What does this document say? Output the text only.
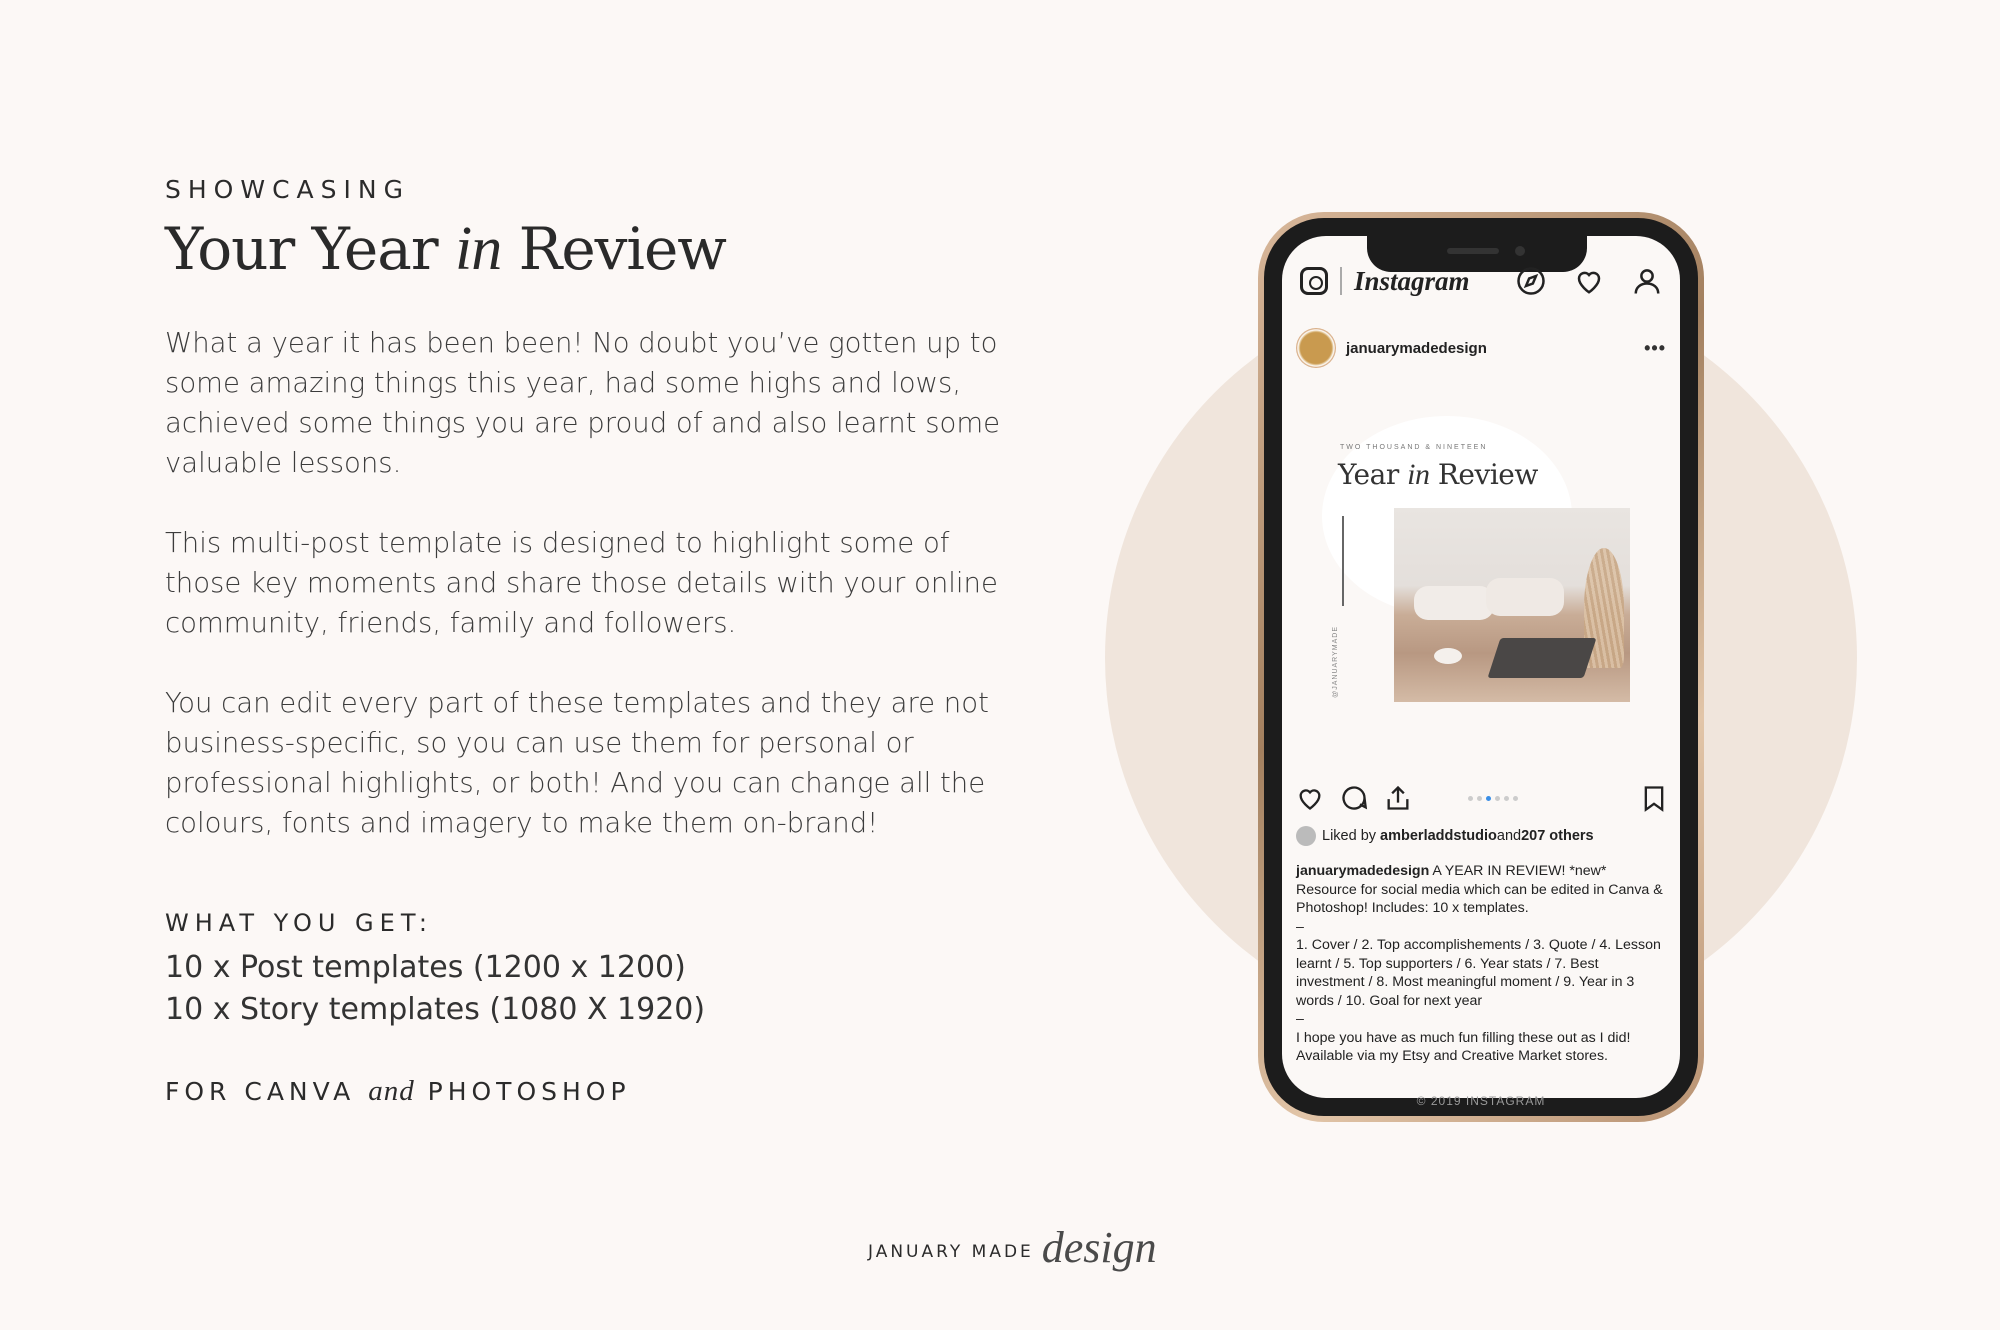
SHOWCASING
Your Year in Review

What a year it has been been! No doubt you’ve gotten up to some amazing things this year, had some highs and lows, achieved some things you are proud of and also learnt some valuable lessons.

This multi-post template is designed to highlight some of those key moments and share those details with your online community, friends, family and followers.

You can edit every part of these templates and they are not business-specific, so you can use them for personal or professional highlights, or both! And you can change all the colours, fonts and imagery to make them on-brand!

WHAT YOU GET:
10 x Post templates (1200 x 1200)
10 x Story templates (1080 X 1920)
FOR CANVA and PHOTOSHOP
JANUARY MADE design
Instagram
januarymadedesign	•••
TWO THOUSAND & NINETEEN
Year in Review
@JANUARYMADE
Liked by
amberladdstudio and 207 others
januarymadedesign A YEAR IN REVIEW! *new* Resource for social media which can be edited in Canva & Photoshop! Includes: 10 x templates.
–
1. Cover / 2. Top accomplishements / 3. Quote / 4. Lesson learnt / 5. Top supporters / 6. Year stats / 7. Best investment / 8. Most meaningful moment / 9. Year in 3 words / 10. Goal for next year
–
I hope you have as much fun filling these out as I did! Available via my Etsy and Creative Market stores.
© 2019 INSTAGRAM
